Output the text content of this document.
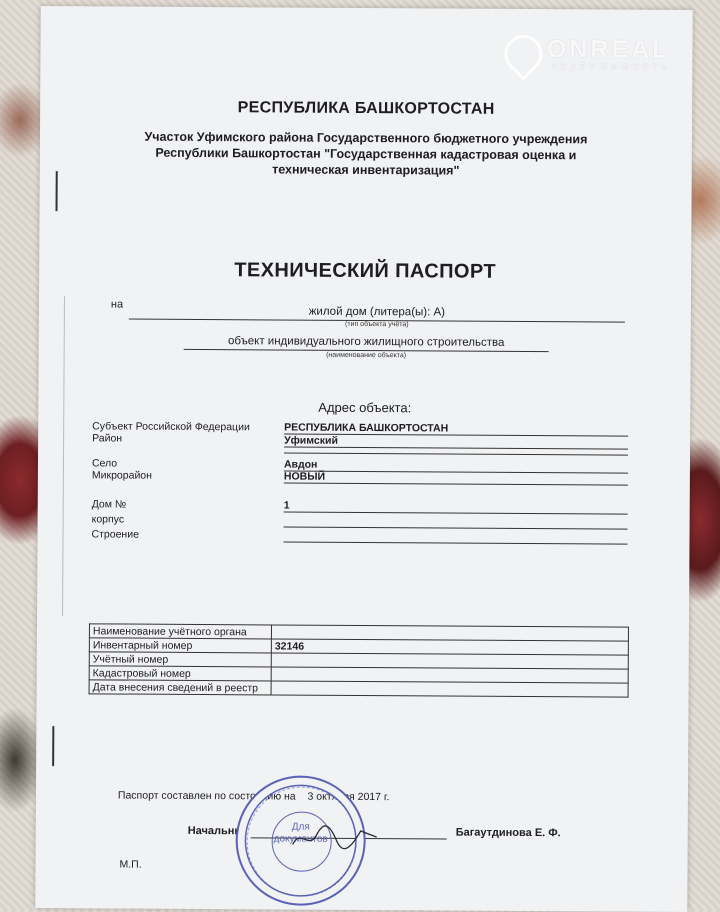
ONREAL
НЕДВИЖИМОСТЬ
РЕСПУБЛИКА БАШКОРТОСТАН
Участок Уфимского района Государственного бюджетного учреждения
Республики Башкортостан "Государственная кадастровая оценка и
техническая инвентаризация"
ТЕХНИЧЕСКИЙ ПАСПОРТ
на
жилой дом (литера(ы): А)
(тип объекта учёта)
объект индивидуального жилищного строительства
(наименование объекта)
Адрес объекта:
Субъект Российской Федерации	РЕСПУБЛИКА БАШКОРТОСТАН
Район	Уфимский
Село	Авдон
Микрорайон	НОВЫЙ
Дом №	1
корпус
Строение
Наименование учётного органа	
Инвентарный номер	32146
Учётный номер	
Кадастровый номер	
Дата внесения сведений в реестр	
Паспорт составлен по состоянию на 3 октября 2017 г.
Начальник	Багаутдинова Е. Ф.
М.П.
Для
документов
